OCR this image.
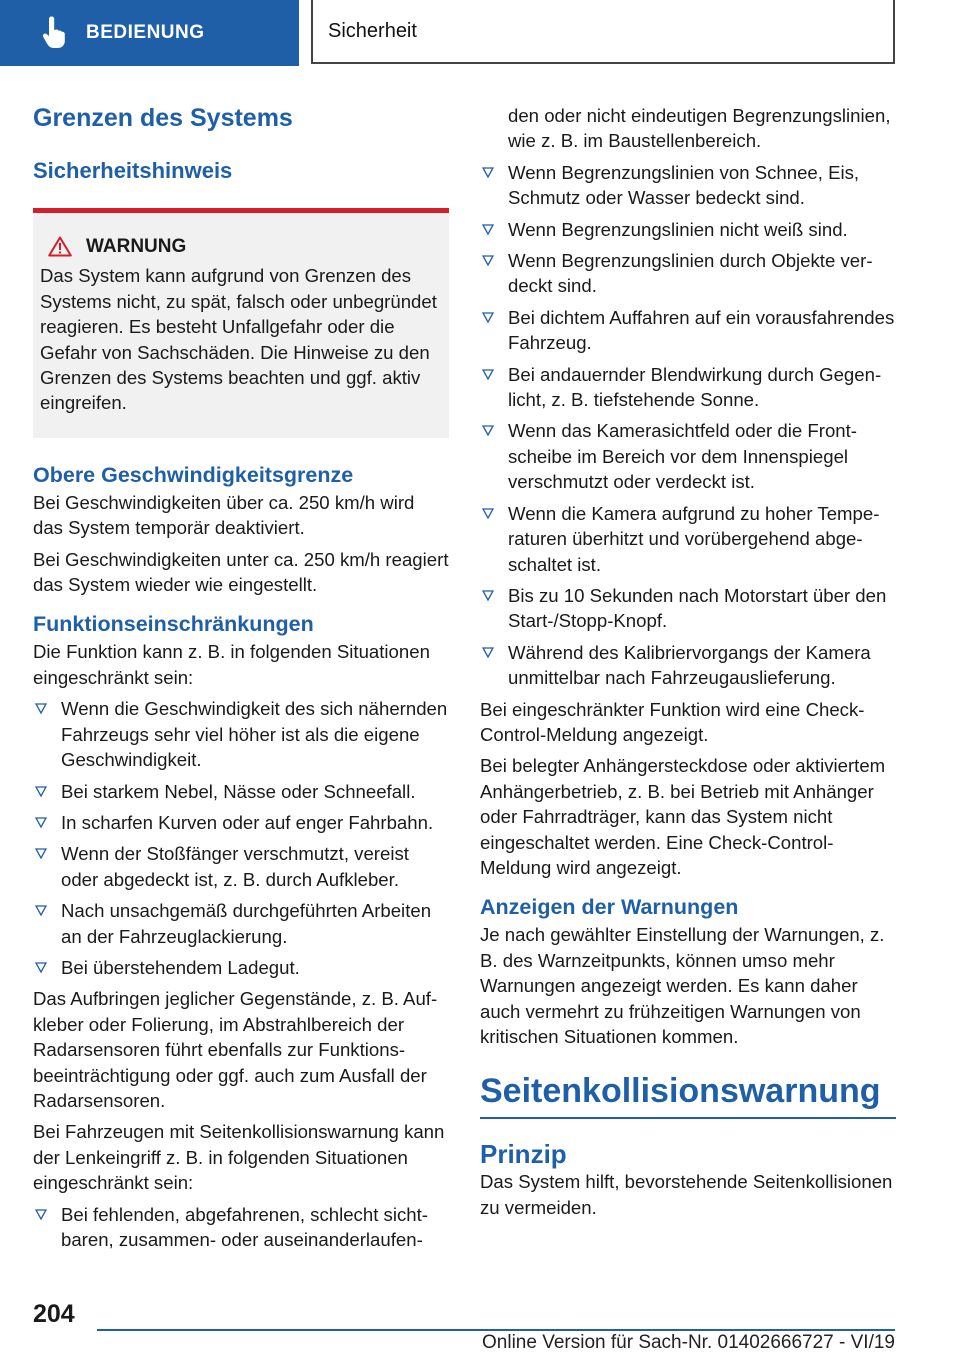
BEDIENUNG	Sicherheit
Grenzen des Systems
Sicherheitshinweis
WARNUNG

Das System kann aufgrund von Grenzen des Systems nicht, zu spät, falsch oder unbegründet reagieren. Es besteht Unfallgefahr oder die Gefahr von Sachschäden. Die Hinweise zu den Grenzen des Systems beachten und ggf. aktiv eingreifen.

Obere Geschwindigkeitsgrenze

Bei Geschwindigkeiten über ca. 250 km/h wird das System temporär deaktiviert.

Bei Geschwindigkeiten unter ca. 250 km/h reagiert das System wieder wie eingestellt.

Funktionseinschränkungen

Die Funktion kann z. B. in folgenden Situationen eingeschränkt sein:

Wenn die Geschwindigkeit des sich nähernden Fahrzeugs sehr viel höher ist als die eigene Geschwindigkeit.
Bei starkem Nebel, Nässe oder Schneefall.
In scharfen Kurven oder auf enger Fahrbahn.
Wenn der Stoßfänger verschmutzt, vereist oder abgedeckt ist, z. B. durch Aufkleber.
Nach unsachgemäß durchgeführten Arbeiten an der Fahrzeuglackierung.
Bei überstehendem Ladegut.

Das Aufbringen jeglicher Gegenstände, z. B. Aufkleber oder Folierung, im Abstrahlbereich der Radarsensoren führt ebenfalls zur Funktionsbeeinträchtigung oder ggf. auch zum Ausfall der Radarsensoren.

Bei Fahrzeugen mit Seitenkollisionswarnung kann der Lenkeingriff z. B. in folgenden Situationen eingeschränkt sein:

Bei fehlenden, abgefahrenen, schlecht sichtbaren, zusammen- oder auseinanderlaufen-
den oder nicht eindeutigen Begrenzungslinien, wie z. B. im Baustellenbereich.
Wenn Begrenzungslinien von Schnee, Eis, Schmutz oder Wasser bedeckt sind.
Wenn Begrenzungslinien nicht weiß sind.
Wenn Begrenzungslinien durch Objekte verdeckt sind.
Bei dichtem Auffahren auf ein vorausfahrendes Fahrzeug.
Bei andauernder Blendwirkung durch Gegenlicht, z. B. tiefstehende Sonne.
Wenn das Kamerasichtfeld oder die Frontscheibe im Bereich vor dem Innenspiegel verschmutzt oder verdeckt ist.
Wenn die Kamera aufgrund zu hoher Temperaturen überhitzt und vorübergehend abgeschaltet ist.
Bis zu 10 Sekunden nach Motorstart über den Start-/Stopp-Knopf.
Während des Kalibriervorgangs der Kamera unmittelbar nach Fahrzeugauslieferung.

Bei eingeschränkter Funktion wird eine Check-Control-Meldung angezeigt.

Bei belegter Anhängersteckdose oder aktiviertem Anhängerbetrieb, z. B. bei Betrieb mit Anhänger oder Fahrradträger, kann das System nicht eingeschaltet werden. Eine Check-Control-Meldung wird angezeigt.

Anzeigen der Warnungen

Je nach gewählter Einstellung der Warnungen, z. B. des Warnzeitpunkts, können umso mehr Warnungen angezeigt werden. Es kann daher auch vermehrt zu frühzeitigen Warnungen von kritischen Situationen kommen.

Seitenkollisionswarnung
Prinzip

Das System hilft, bevorstehende Seitenkollisionen zu vermeiden.

204
Online Version für Sach-Nr. 01402666727 - VI/19
